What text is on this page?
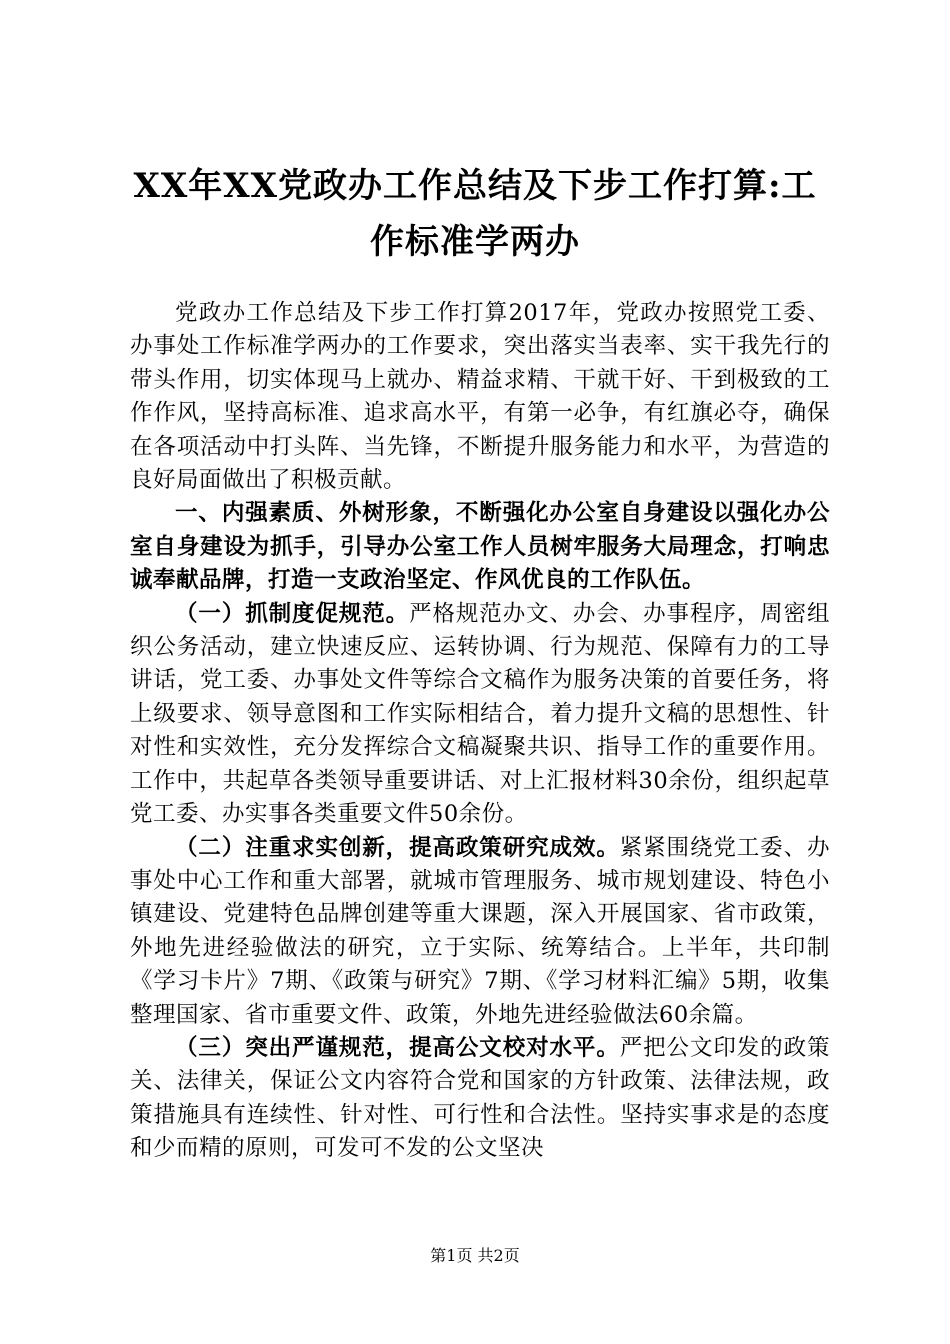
XX年XX党政办工作总结及下步工作打算:工作标准学两办

党政办工作总结及下步工作打算2017年，党政办按照党工委、办事处工作标准学两办的工作要求，突出落实当表率、实干我先行的带头作用，切实体现马上就办、精益求精、干就干好、干到极致的工作作风，坚持高标准、追求高水平，有第一必争，有红旗必夺，确保在各项活动中打头阵、当先锋，不断提升服务能力和水平，为营造的良好局面做出了积极贡献。

一、内强素质、外树形象，不断强化办公室自身建设以强化办公室自身建设为抓手，引导办公室工作人员树牢服务大局理念，打响忠诚奉献品牌，打造一支政治坚定、作风优良的工作队伍。

（一）抓制度促规范。严格规范办文、办会、办事程序，周密组织公务活动，建立快速反应、运转协调、行为规范、保障有力的工导讲话，党工委、办事处文件等综合文稿作为服务决策的首要任务，将上级要求、领导意图和工作实际相结合，着力提升文稿的思想性、针对性和实效性，充分发挥综合文稿凝聚共识、指导工作的重要作用。工作中，共起草各类领导重要讲话、对上汇报材料30余份，组织起草党工委、办实事各类重要文件50余份。

（二）注重求实创新，提高政策研究成效。紧紧围绕党工委、办事处中心工作和重大部署，就城市管理服务、城市规划建设、特色小镇建设、党建特色品牌创建等重大课题，深入开展国家、省市政策，外地先进经验做法的研究，立于实际、统筹结合。上半年，共印制《学习卡片》7期、《政策与研究》7期、《学习材料汇编》5期，收集整理国家、省市重要文件、政策，外地先进经验做法60余篇。

（三）突出严谨规范，提高公文校对水平。严把公文印发的政策关、法律关，保证公文内容符合党和国家的方针政策、法律法规，政策措施具有连续性、针对性、可行性和合法性。坚持实事求是的态度和少而精的原则，可发可不发的公文坚决

第1页 共2页
